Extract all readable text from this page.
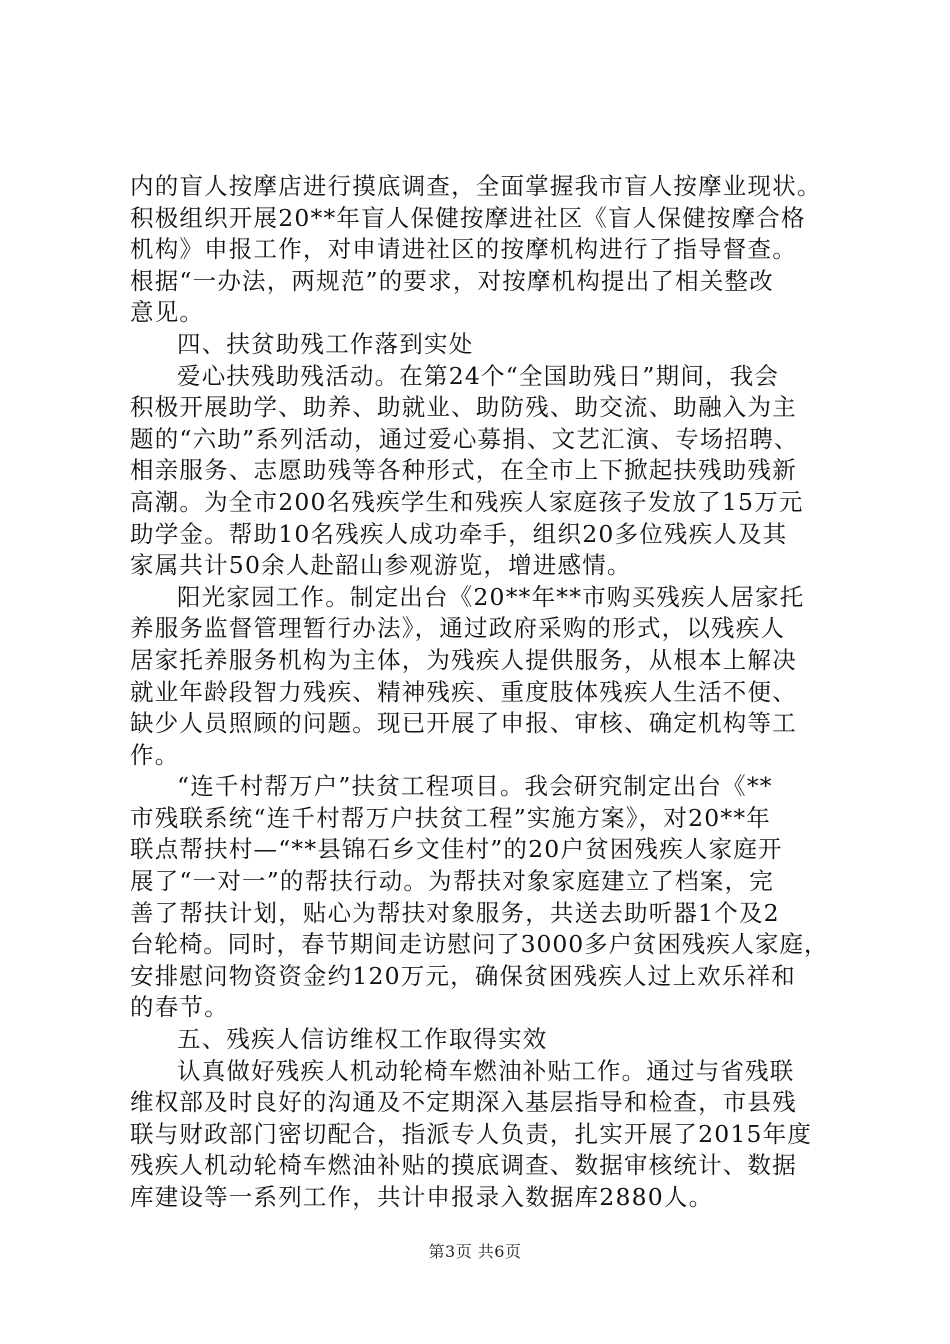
内的盲人按摩店进行摸底调查，全面掌握我市盲人按摩业现状。
积极组织开展20**年盲人保健按摩进社区《盲人保健按摩合格
机构》申报工作，对申请进社区的按摩机构进行了指导督查。
根据“一办法，两规范”的要求，对按摩机构提出了相关整改
意见。
四、扶贫助残工作落到实处
爱心扶残助残活动。在第24个“全国助残日”期间，我会
积极开展助学、助养、助就业、助防残、助交流、助融入为主
题的“六助”系列活动，通过爱心募捐、文艺汇演、专场招聘、
相亲服务、志愿助残等各种形式，在全市上下掀起扶残助残新
高潮。为全市200名残疾学生和残疾人家庭孩子发放了15万元
助学金。帮助10名残疾人成功牵手，组织20多位残疾人及其
家属共计50余人赴韶山参观游览，增进感情。
阳光家园工作。制定出台《20**年**市购买残疾人居家托
养服务监督管理暂行办法》，通过政府采购的形式，以残疾人
居家托养服务机构为主体，为残疾人提供服务，从根本上解决
就业年龄段智力残疾、精神残疾、重度肢体残疾人生活不便、
缺少人员照顾的问题。现已开展了申报、审核、确定机构等工
作。
“连千村帮万户”扶贫工程项目。我会研究制定出台《**
市残联系统“连千村帮万户扶贫工程”实施方案》，对20**年
联点帮扶村—“**县锦石乡文佳村”的20户贫困残疾人家庭开
展了“一对一”的帮扶行动。为帮扶对象家庭建立了档案，完
善了帮扶计划，贴心为帮扶对象服务，共送去助听器1个及2
台轮椅。同时，春节期间走访慰问了3000多户贫困残疾人家庭，
安排慰问物资资金约120万元，确保贫困残疾人过上欢乐祥和
的春节。
五、残疾人信访维权工作取得实效
认真做好残疾人机动轮椅车燃油补贴工作。通过与省残联
维权部及时良好的沟通及不定期深入基层指导和检查，市县残
联与财政部门密切配合，指派专人负责，扎实开展了2015年度
残疾人机动轮椅车燃油补贴的摸底调查、数据审核统计、数据
库建设等一系列工作，共计申报录入数据库2880人。
第3页 共6页
